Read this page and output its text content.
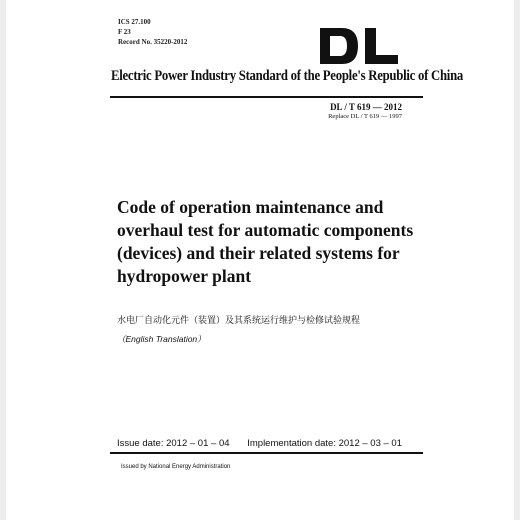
ICS 27.100
F 23
Record No. 35220-2012
Electric Power Industry Standard of the People's Republic of China
DL / T 619 — 2012
Replace DL / T 619 — 1997
Code of operation maintenance and
overhaul test for automatic components
(devices) and their related systems for
hydropower plant
水电厂自动化元件（装置）及其系统运行维护与检修试验规程
（English Translation）
Issue date: 2012 – 01 – 04 Implementation date: 2012 – 03 – 01
Issued by National Energy Administration
